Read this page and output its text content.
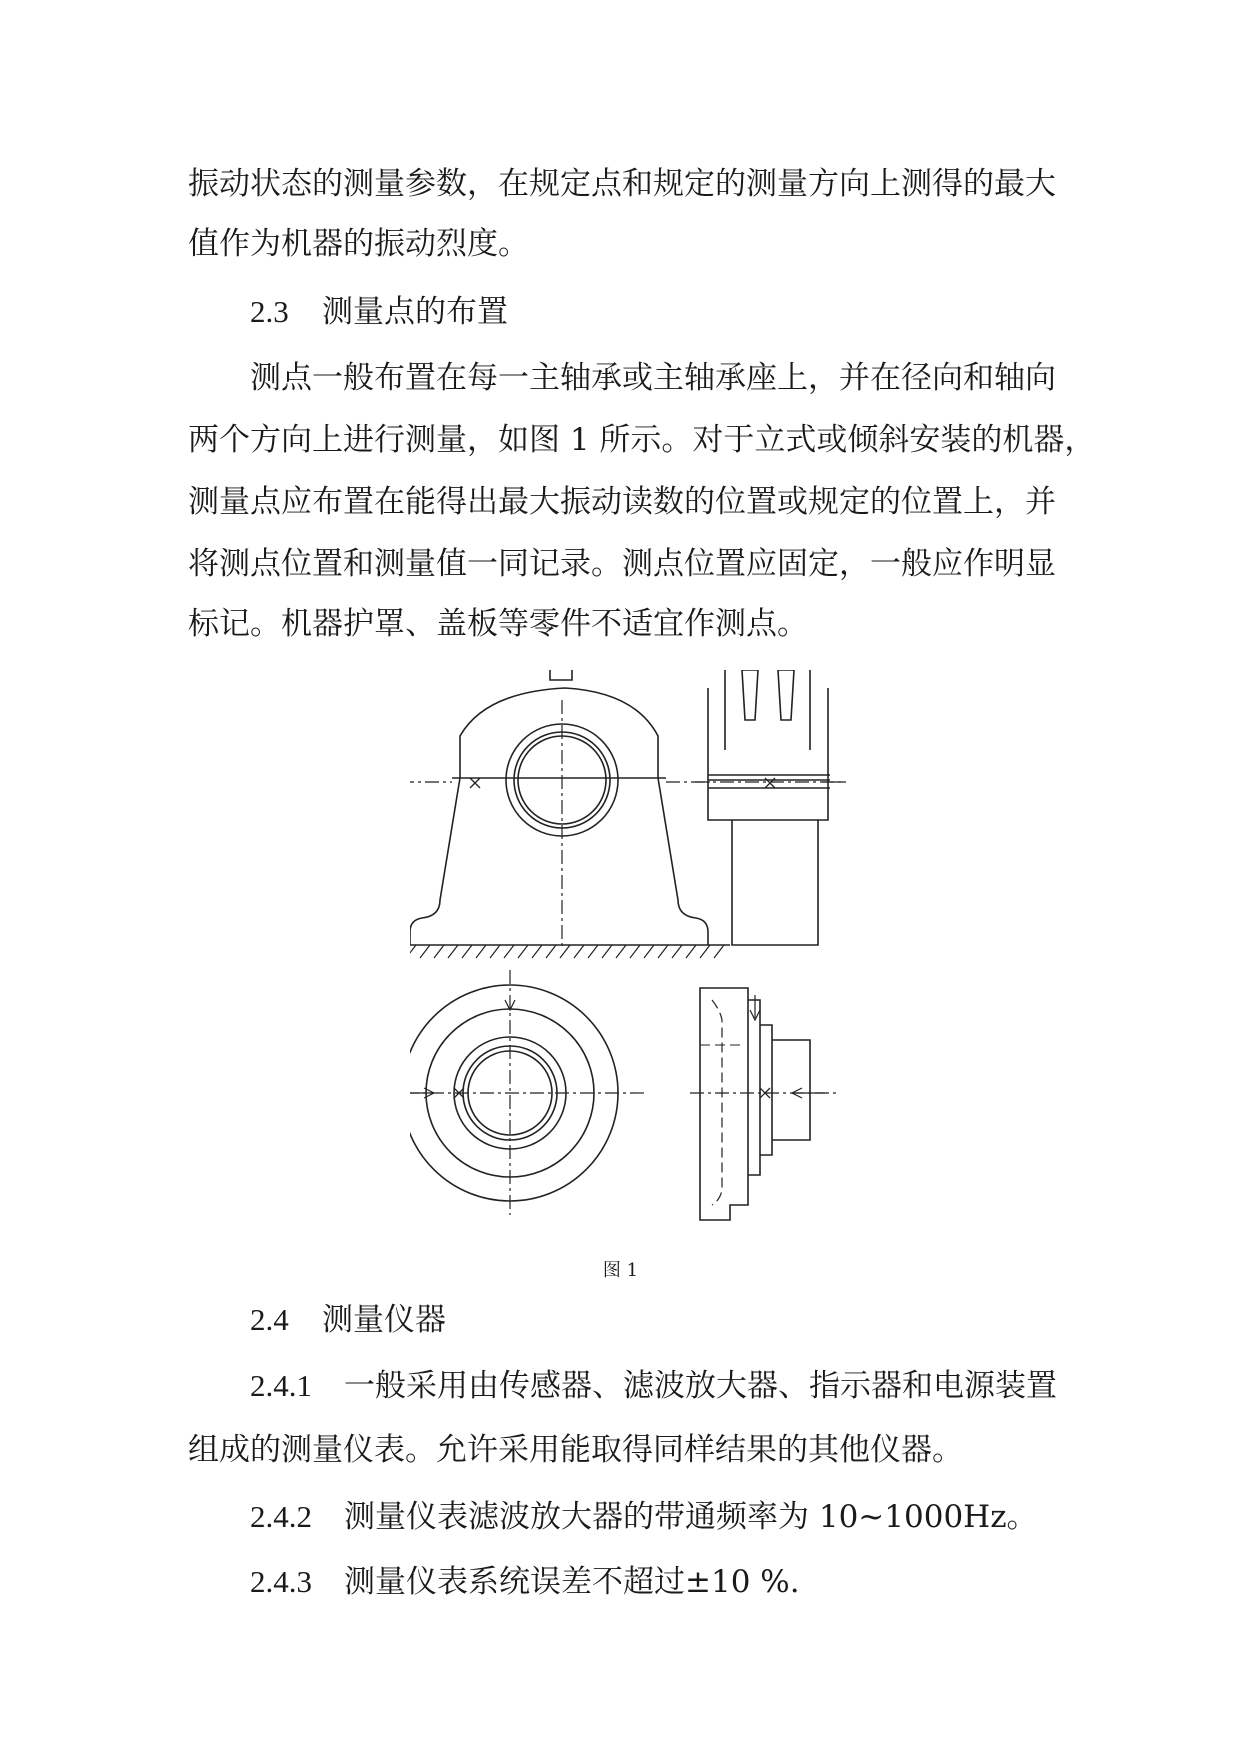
振动状态的测量参数，在规定点和规定的测量方向上测得的最大
值作为机器的振动烈度。
2.3 测量点的布置
测点一般布置在每一主轴承或主轴承座上，并在径向和轴向
两个方向上进行测量，如图 1 所示。对于立式或倾斜安装的机器，
测量点应布置在能得出最大振动读数的位置或规定的位置上，并
将测点位置和测量值一同记录。测点位置应固定，一般应作明显
标记。机器护罩、盖板等零件不适宜作测点。
图 1
2.4 测量仪器
2.4.1 一般采用由传感器、滤波放大器、指示器和电源装置
组成的测量仪表。允许采用能取得同样结果的其他仪器。
2.4.2 测量仪表滤波放大器的带通频率为 10~1000Hz。
2.4.3 测量仪表系统误差不超过±10 %.
